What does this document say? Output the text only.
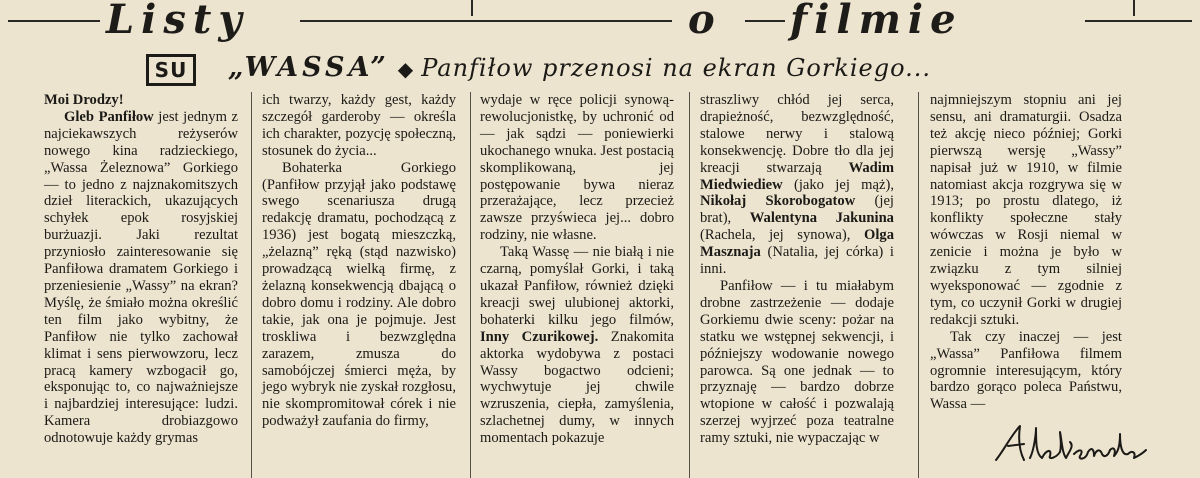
Listy	o filmie
SU „WASSA” ◆ Panfiłow przenosi na ekran Gorkiego...

Moi Drodzy!

Gleb Panfiłow jest jednym z najciekawszych reżyserów nowego kina radzieckiego, „Wassa Żeleznowa” Gorkiego — to jedno z najznakomitszych dzieł literackich, ukazujących schyłek epok rosyjskiej burżuazji. Jaki rezultat przyniosło zainteresowanie się Panfiłowa dramatem Gorkiego i przeniesienie „Wassy” na ekran? Myślę, że śmiało można określić ten film jako wybitny, że Panfiłow nie tylko zachował klimat i sens pierwowzoru, lecz pracą kamery wzbogacił go, eksponując to, co najważniejsze i najbardziej interesujące: ludzi. Kamera drobiazgowo odnotowuje każdy grymas

ich twarzy, każdy gest, każdy szczegół garderoby — określa ich charakter, pozycję społeczną, stosunek do życia...

Bohaterka Gorkiego (Panfiłow przyjął jako podstawę swego scenariusza drugą redakcję dramatu, pochodzącą z 1936) jest bogatą mieszczką, „żelazną” ręką (stąd nazwisko) prowadzącą wielką firmę, z żelazną konsekwencją dbającą o dobro domu i rodziny. Ale dobro takie, jak ona je pojmuje. Jest troskliwa i bezwzględna zarazem, zmusza do samobójczej śmierci męża, by jego wybryk nie zyskał rozgłosu, nie skompromitował córek i nie podważył zaufania do firmy,

wydaje w ręce policji synową-rewolucjonistkę, by uchronić od — jak sądzi — poniewierki ukochanego wnuka. Jest postacią skomplikowaną, jej postępowanie bywa nieraz przerażające, lecz przecież zawsze przyświeca jej... dobro rodziny, nie własne.

Taką Wassę — nie białą i nie czarną, pomyślał Gorki, i taką ukazał Panfiłow, również dzięki kreacji swej ulubionej aktorki, bohaterki kilku jego filmów, Inny Czurikowej. Znakomita aktorka wydobywa z postaci Wassy bogactwo odcieni; wychwytuje jej chwile wzruszenia, ciepła, zamyślenia, szlachetnej dumy, w innych momentach pokazuje

straszliwy chłód jej serca, drapieżność, bezwzględność, stalowe nerwy i stalową konsekwencję. Dobre tło dla jej kreacji stwarzają Wadim Miedwiediew (jako jej mąż), Nikołaj Skorobogatow (jej brat), Walentyna Jakunina (Rachela, jej synowa), Olga Masznaja (Natalia, jej córka) i inni.

Panfiłow — i tu miałabym drobne zastrzeżenie — dodaje Gorkiemu dwie sceny: pożar na statku we wstępnej sekwencji, i późniejszy wodowanie nowego parowca. Są one jednak — to przyznaję — bardzo dobrze wtopione w całość i pozwalają szerzej wyjrzeć poza teatralne ramy sztuki, nie wypaczając w

najmniejszym stopniu ani jej sensu, ani dramaturgii. Osadza też akcję nieco później; Gorki pierwszą wersję „Wassy” napisał już w 1910, w filmie natomiast akcja rozgrywa się w 1913; po prostu dlatego, iż konflikty społeczne stały wówczas w Rosji niemal w zenicie i można je było w związku z tym silniej wyeksponować — zgodnie z tym, co uczynił Gorki w drugiej redakcji sztuki.

Tak czy inaczej — jest „Wassa” Panfiłowa filmem ogromnie interesującym, który bardzo gorąco poleca Państwu, Wassa —
